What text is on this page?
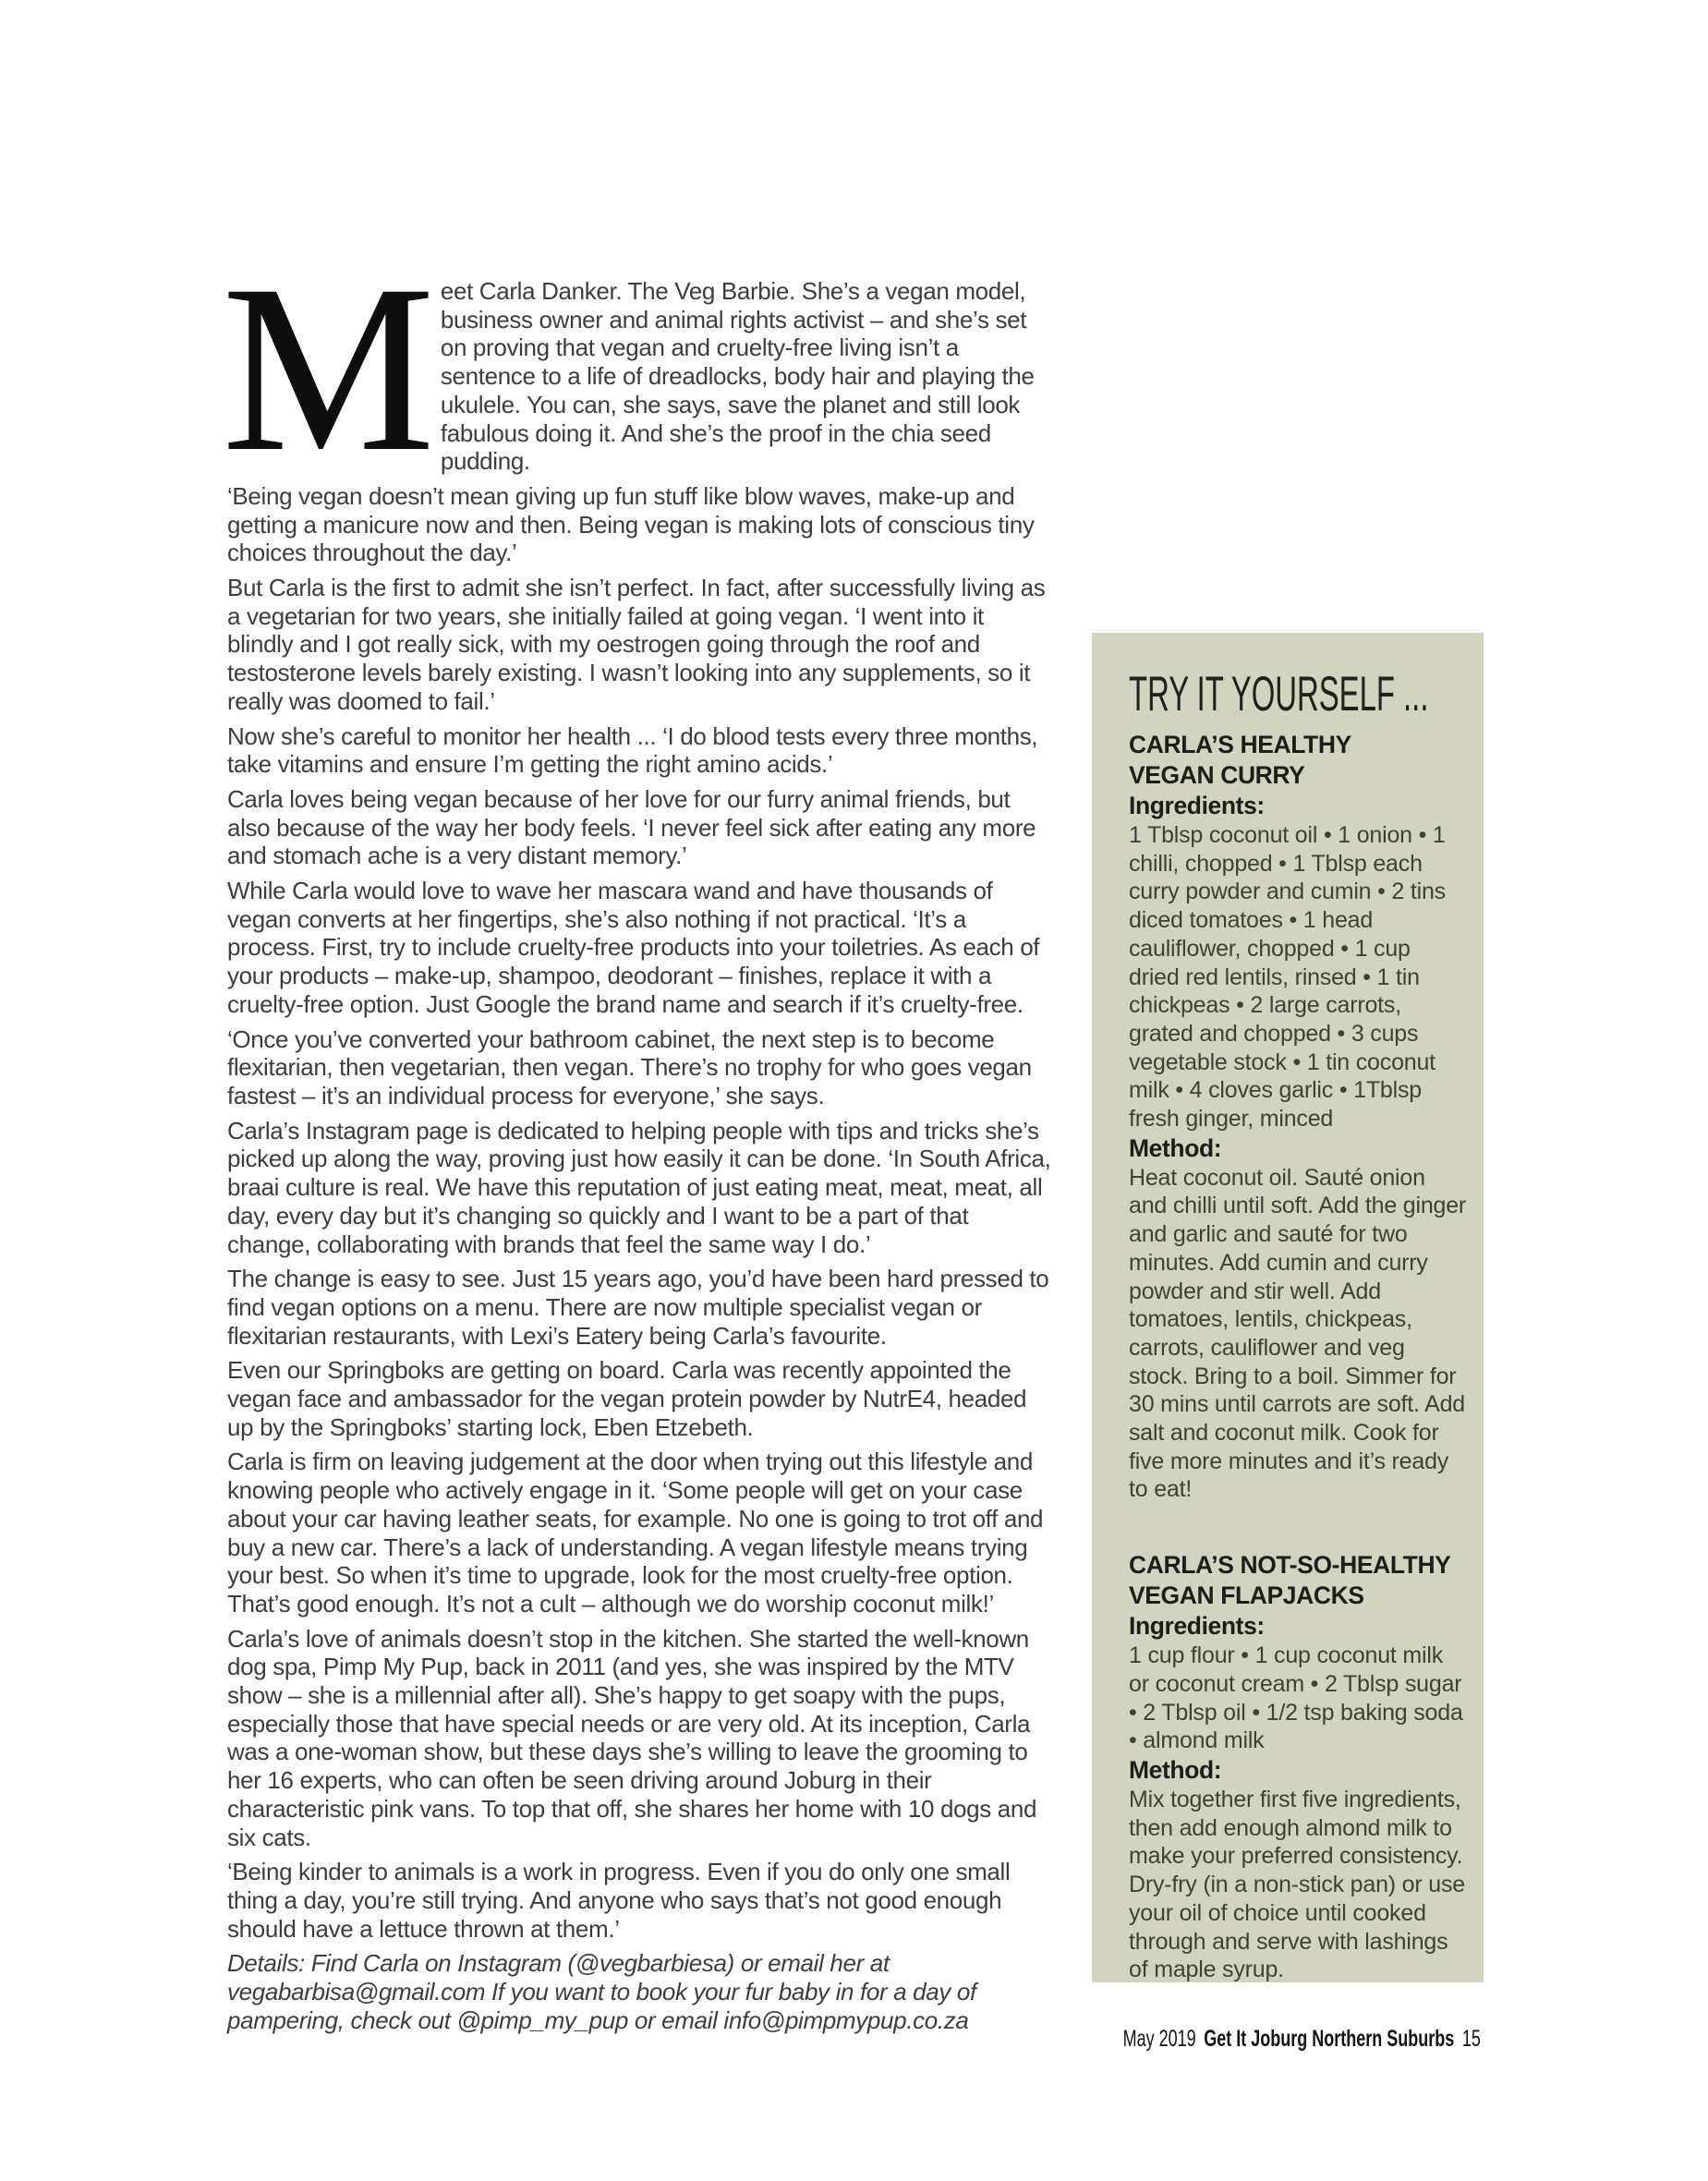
M eet Carla Danker. The Veg Barbie. She’s a vegan model, business owner and animal rights activist – and she’s set on proving that vegan and cruelty-free living isn’t a sentence to a life of dreadlocks, body hair and playing the ukulele. You can, she says, save the planet and still look fabulous doing it. And she’s the proof in the chia seed pudding.

‘Being vegan doesn’t mean giving up fun stuff like blow waves, make-up and getting a manicure now and then. Being vegan is making lots of conscious tiny choices throughout the day.’

But Carla is the first to admit she isn’t perfect. In fact, after successfully living as a vegetarian for two years, she initially failed at going vegan. ‘I went into it blindly and I got really sick, with my oestrogen going through the roof and testosterone levels barely existing. I wasn’t looking into any supplements, so it really was doomed to fail.’

Now she’s careful to monitor her health ... ‘I do blood tests every three months, take vitamins and ensure I’m getting the right amino acids.’

Carla loves being vegan because of her love for our furry animal friends, but also because of the way her body feels. ‘I never feel sick after eating any more and stomach ache is a very distant memory.’

While Carla would love to wave her mascara wand and have thousands of vegan converts at her fingertips, she’s also nothing if not practical. ‘It’s a process. First, try to include cruelty-free products into your toiletries. As each of your products – make-up, shampoo, deodorant – finishes, replace it with a cruelty-free option. Just Google the brand name and search if it’s cruelty-free.

‘Once you’ve converted your bathroom cabinet, the next step is to become flexitarian, then vegetarian, then vegan. There’s no trophy for who goes vegan fastest – it’s an individual process for everyone,’ she says.

Carla’s Instagram page is dedicated to helping people with tips and tricks she’s picked up along the way, proving just how easily it can be done. ‘In South Africa, braai culture is real. We have this reputation of just eating meat, meat, meat, all day, every day but it’s changing so quickly and I want to be a part of that change, collaborating with brands that feel the same way I do.’

The change is easy to see. Just 15 years ago, you’d have been hard pressed to find vegan options on a menu. There are now multiple specialist vegan or flexitarian restaurants, with Lexi’s Eatery being Carla’s favourite.

Even our Springboks are getting on board. Carla was recently appointed the vegan face and ambassador for the vegan protein powder by NutrE4, headed up by the Springboks’ starting lock, Eben Etzebeth.

Carla is firm on leaving judgement at the door when trying out this lifestyle and knowing people who actively engage in it. ‘Some people will get on your case about your car having leather seats, for example. No one is going to trot off and buy a new car. There’s a lack of understanding. A vegan lifestyle means trying your best. So when it’s time to upgrade, look for the most cruelty-free option. That’s good enough. It’s not a cult – although we do worship coconut milk!’

Carla’s love of animals doesn’t stop in the kitchen. She started the well-known dog spa, Pimp My Pup, back in 2011 (and yes, she was inspired by the MTV show – she is a millennial after all). She’s happy to get soapy with the pups, especially those that have special needs or are very old. At its inception, Carla was a one-woman show, but these days she’s willing to leave the grooming to her 16 experts, who can often be seen driving around Joburg in their characteristic pink vans. To top that off, she shares her home with 10 dogs and six cats.

‘Being kinder to animals is a work in progress. Even if you do only one small thing a day, you’re still trying. And anyone who says that’s not good enough should have a lettuce thrown at them.’

Details: Find Carla on Instagram (@vegbarbiesa) or email her at vegabarbisa@gmail.com If you want to book your fur baby in for a day of pampering, check out @pimp_my_pup or email info@pimpmypup.co.za

TRY IT YOURSELF ...
CARLA’S HEALTHY
VEGAN CURRY
Ingredients:
1 Tblsp coconut oil • 1 onion • 1 chilli, chopped • 1 Tblsp each curry powder and cumin • 2 tins diced tomatoes • 1 head cauliflower, chopped • 1 cup dried red lentils, rinsed • 1 tin chickpeas • 2 large carrots, grated and chopped • 3 cups vegetable stock • 1 tin coconut milk • 4 cloves garlic • 1Tblsp fresh ginger, minced
Method:
Heat coconut oil. Sauté onion and chilli until soft. Add the ginger and garlic and sauté for two minutes. Add cumin and curry powder and stir well. Add tomatoes, lentils, chickpeas, carrots, cauliflower and veg stock. Bring to a boil. Simmer for 30 mins until carrots are soft. Add salt and coconut milk. Cook for five more minutes and it’s ready to eat!
CARLA’S NOT-SO-HEALTHY
VEGAN FLAPJACKS
Ingredients:
1 cup flour • 1 cup coconut milk or coconut cream • 2 Tblsp sugar • 2 Tblsp oil • 1/2 tsp baking soda • almond milk
Method:
Mix together first five ingredients, then add enough almond milk to make your preferred consistency. Dry-fry (in a non-stick pan) or use your oil of choice until cooked through and serve with lashings of maple syrup.
May 2019 Get It Joburg Northern Suburbs 15
